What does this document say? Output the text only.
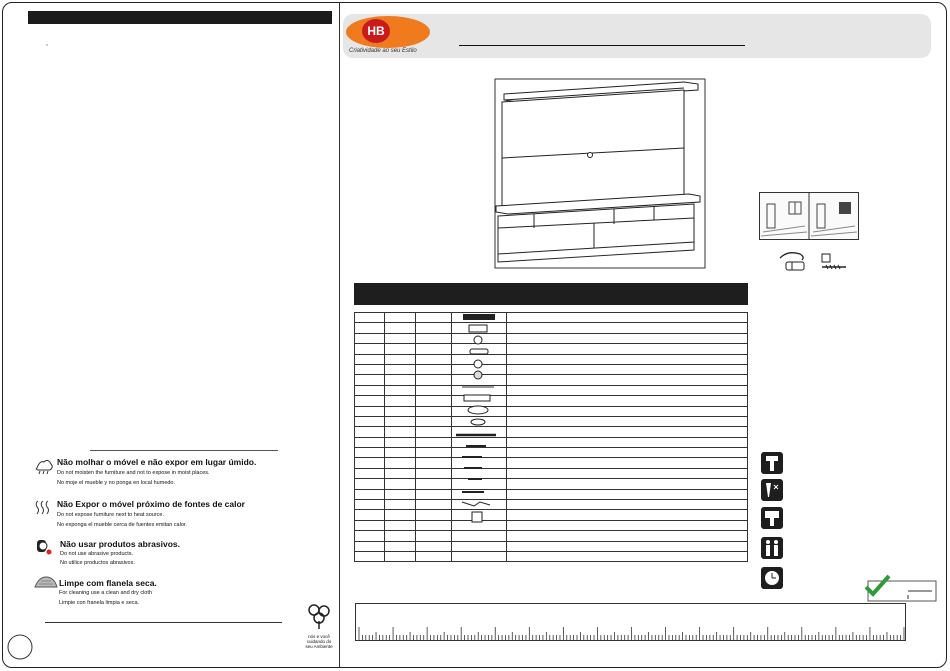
,
Não molhar o móvel e não expor em lugar úmido.
Do not moisten the furniture and not to expose in moist places.
No moje el mueble y no ponga en local humedo.
Não Expor o móvel próximo de fontes de calor
Do not expose furniture next to heat source.
No exponga el mueble cerca de fuentes emitan calor.
Não usar produtos abrasivos.
Do not use abrasive products.
No utilice productos abrasivos.
Limpe com flanela seca.
For cleaning use a clean and dry cloth
Limpie con franela limpia e seca.
nós e você
cuidando do
seu Ambiente
HB
Criatividade ao seu Estilo
